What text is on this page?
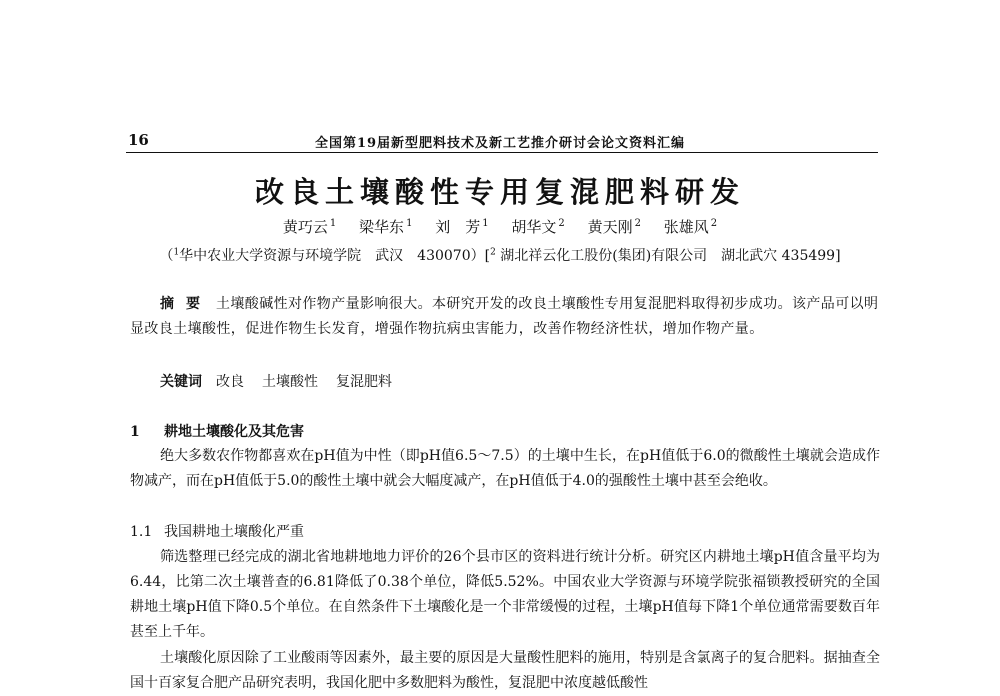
16	全国第19届新型肥料技术及新工艺推介研讨会论文资料汇编
改良土壤酸性专用复混肥料研发
黄巧云 $^1$ 梁华东 $^1$ 刘　芳 $^1$ 胡华文 $^2$ 黄天刚 $^2$ 张雄风 $^2$
（$^1$华中农业大学资源与环境学院　武汉　430070）[$^2$ 湖北祥云化工股份(集团)有限公司　湖北武穴 435499]
摘要 土壤酸碱性对作物产量影响很大。本研究开发的改良土壤酸性专用复混肥料取得初步成功。该产品可以明显改良土壤酸性，促进作物生长发育，增强作物抗病虫害能力，改善作物经济性状，增加作物产量。
关键词 改良 土壤酸性 复混肥料
1 耕地土壤酸化及其危害
绝大多数农作物都喜欢在pH值为中性（即pH值6.5～7.5）的土壤中生长，在pH值低于6.0的微酸性土壤就会造成作物减产，而在pH值低于5.0的酸性土壤中就会大幅度减产，在pH值低于4.0的强酸性土壤中甚至会绝收。
1.1 我国耕地土壤酸化严重
筛选整理已经完成的湖北省地耕地地力评价的26个县市区的资料进行统计分析。研究区内耕地土壤pH值含量平均为6.44，比第二次土壤普查的6.81降低了0.38个单位，降低5.52%。中国农业大学资源与环境学院张福锁教授研究的全国耕地土壤pH值下降0.5个单位。在自然条件下土壤酸化是一个非常缓慢的过程，土壤pH值每下降1个单位通常需要数百年甚至上千年。
土壤酸化原因除了工业酸雨等因素外，最主要的原因是大量酸性肥料的施用，特别是含氯离子的复合肥料。据抽查全国十百家复合肥产品研究表明，我国化肥中多数肥料为酸性，复混肥中浓度越低酸性
